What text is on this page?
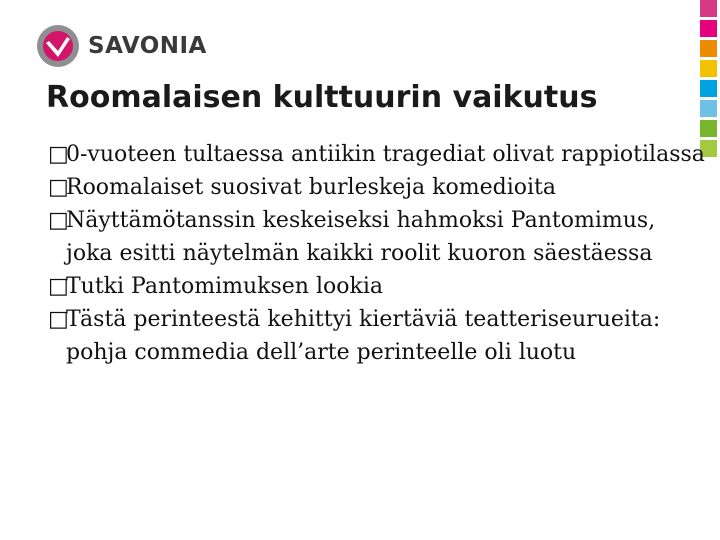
SAVONIA
Roomalaisen kulttuurin vaikutus
□
0-vuoteen tultaessa antiikin tragediat olivat rappiotilassa
□
Roomalaiset suosivat burleskeja komedioita
□
Näyttämötanssin keskeiseksi hahmoksi Pantomimus, joka esitti näytelmän kaikki roolit kuoron säestäessa
□
Tutki Pantomimuksen lookia
□
Tästä perinteestä kehittyi kiertäviä teatteriseurueita: pohja commedia dell’arte perinteelle oli luotu
